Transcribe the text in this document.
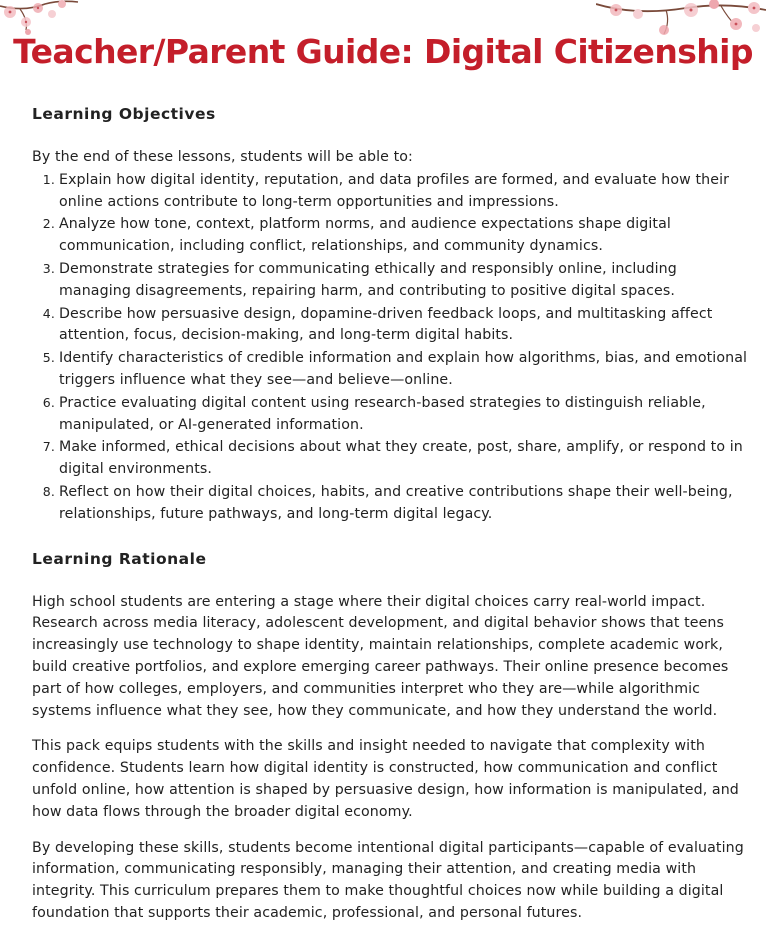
Teacher/Parent Guide: Digital Citizenship
Learning Objectives

By the end of these lessons, students will be able to:

1. Explain how digital identity, reputation, and data profiles are formed, and evaluate how their online actions contribute to long-term opportunities and impressions.
2. Analyze how tone, context, platform norms, and audience expectations shape digital communication, including conflict, relationships, and community dynamics.
3. Demonstrate strategies for communicating ethically and responsibly online, including managing disagreements, repairing harm, and contributing to positive digital spaces.
4. Describe how persuasive design, dopamine-driven feedback loops, and multitasking affect attention, focus, decision-making, and long-term digital habits.
5. Identify characteristics of credible information and explain how algorithms, bias, and emotional triggers influence what they see—and believe—online.
6. Practice evaluating digital content using research-based strategies to distinguish reliable, manipulated, or AI-generated information.
7. Make informed, ethical decisions about what they create, post, share, amplify, or respond to in digital environments.
8. Reflect on how their digital choices, habits, and creative contributions shape their well-being, relationships, future pathways, and long-term digital legacy.
Learning Rationale

High school students are entering a stage where their digital choices carry real-world impact. Research across media literacy, adolescent development, and digital behavior shows that teens increasingly use technology to shape identity, maintain relationships, complete academic work, build creative portfolios, and explore emerging career pathways. Their online presence becomes part of how colleges, employers, and communities interpret who they are—while algorithmic systems influence what they see, how they communicate, and how they understand the world.

This pack equips students with the skills and insight needed to navigate that complexity with confidence. Students learn how digital identity is constructed, how communication and conflict unfold online, how attention is shaped by persuasive design, how information is manipulated, and how data flows through the broader digital economy.

By developing these skills, students become intentional digital participants—capable of evaluating information, communicating responsibly, managing their attention, and creating media with integrity. This curriculum prepares them to make thoughtful choices now while building a digital foundation that supports their academic, professional, and personal futures.
